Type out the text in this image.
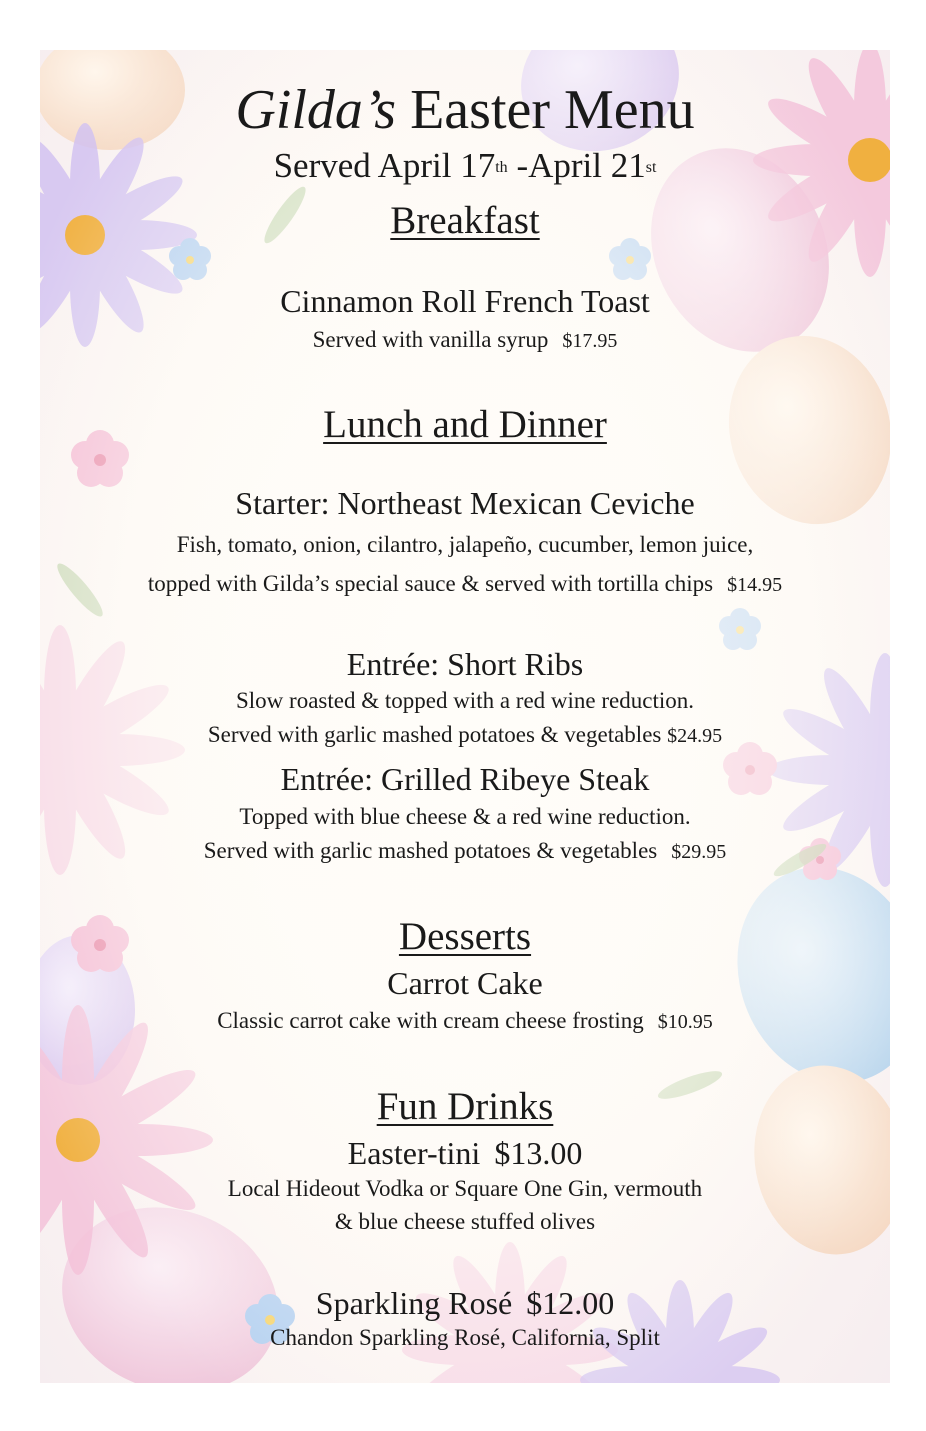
Gilda’s Easter Menu
Served April 17th -April 21st
Breakfast
Cinnamon Roll French Toast
Served with vanilla syrup $17.95
Lunch and Dinner
Starter: Northeast Mexican Ceviche
Fish, tomato, onion, cilantro, jalapeño, cucumber, lemon juice,
topped with Gilda’s special sauce & served with tortilla chips $14.95
Entrée: Short Ribs
Slow roasted & topped with a red wine reduction.
Served with garlic mashed potatoes & vegetables $24.95
Entrée: Grilled Ribeye Steak
Topped with blue cheese & a red wine reduction.
Served with garlic mashed potatoes & vegetables $29.95
Desserts
Carrot Cake
Classic carrot cake with cream cheese frosting $10.95
Fun Drinks
Easter-tini $13.00
Local Hideout Vodka or Square One Gin, vermouth
& blue cheese stuffed olives
Sparkling Rosé $12.00
Chandon Sparkling Rosé, California, Split
